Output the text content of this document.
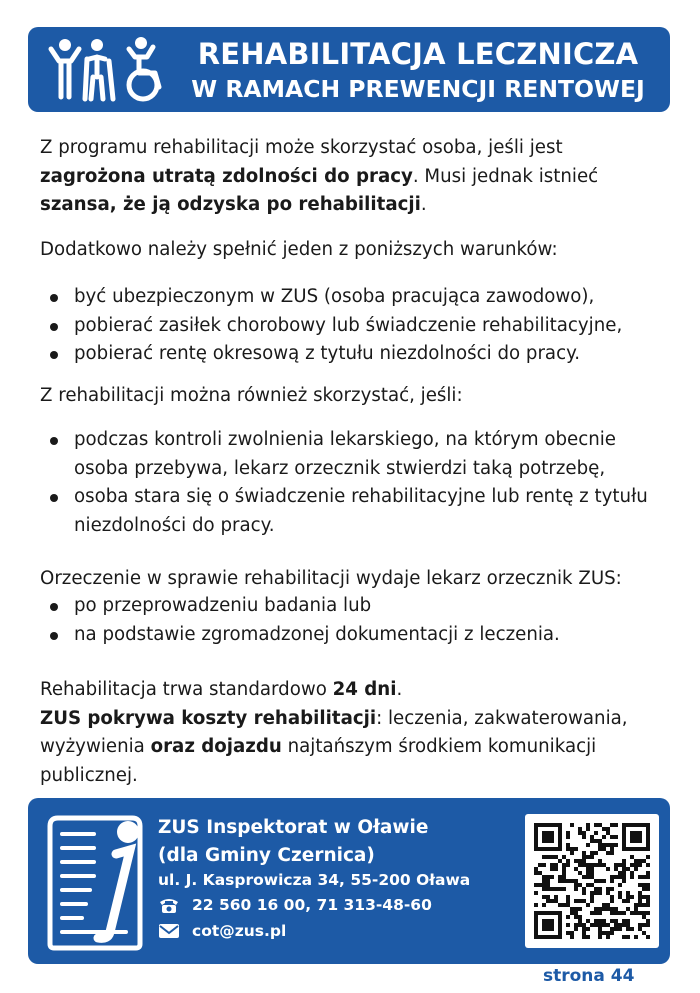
REHABILITACJA LECZNICZA
W RAMACH PREWENCJI RENTOWEJ

Z programu rehabilitacji może skorzystać osoba, jeśli jest zagrożona utratą zdolności do pracy. Musi jednak istnieć szansa, że ją odzyska po rehabilitacji.

Dodatkowo należy spełnić jeden z poniższych warunków:

być ubezpieczonym w ZUS (osoba pracująca zawodowo),
pobierać zasiłek chorobowy lub świadczenie rehabilitacyjne,
pobierać rentę okresową z tytułu niezdolności do pracy.

Z rehabilitacji można również skorzystać, jeśli:

podczas kontroli zwolnienia lekarskiego, na którym obecnie osoba przebywa, lekarz orzecznik stwierdzi taką potrzebę,
osoba stara się o świadczenie rehabilitacyjne lub rentę z tytułu niezdolności do pracy.

Orzeczenie w sprawie rehabilitacji wydaje lekarz orzecznik ZUS:

po przeprowadzeniu badania lub
na podstawie zgromadzonej dokumentacji z leczenia.

Rehabilitacja trwa standardowo 24 dni.
ZUS pokrywa koszty rehabilitacji: leczenia, zakwaterowania, wyżywienia oraz dojazdu najtańszym środkiem komunikacji publicznej.

ZUS Inspektorat w Oławie
(dla Gminy Czernica)
ul. J. Kasprowicza 34, 55-200 Oława
22 560 16 00, 71 313-48-60
cot@zus.pl
strona 44
